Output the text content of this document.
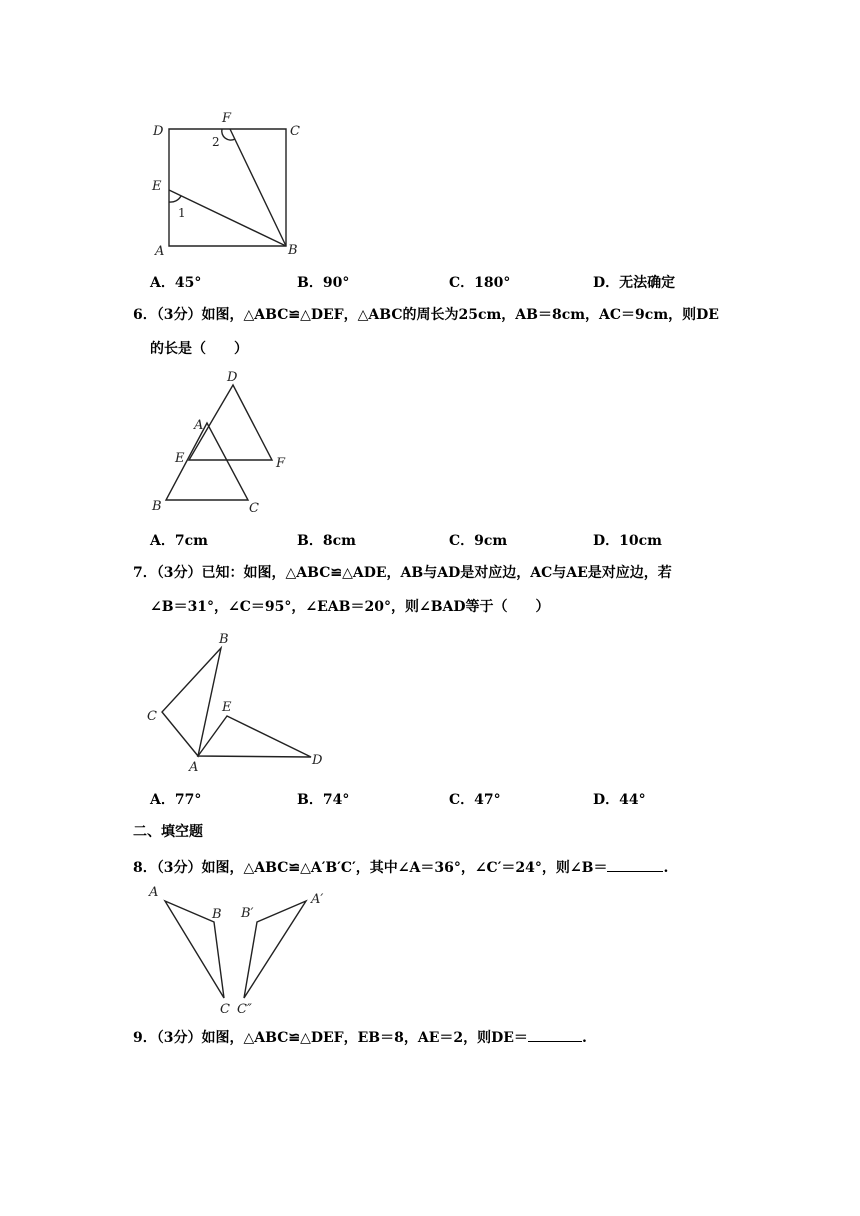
D
F
C
E
A	B
1
2
A．45°	B．90°	C．180°	D．无法确定
6．（3分）如图，△ABC≌△DEF，△ABC的周长为25cm，AB＝8cm，AC＝9cm，则DE
的长是（　　）
D
A
E	F
B	C
A．7cm	B．8cm	C．9cm	D．10cm
7．（3分）已知：如图，△ABC≌△ADE，AB与AD是对应边，AC与AE是对应边，若
∠B＝31°，∠C＝95°，∠EAB＝20°，则∠BAD等于（　　）
B
C
E
A	D
A．77°	B．74°	C．47°	D．44°
二、填空题
8．（3分）如图，△ABC≌△A′B′C′，其中∠A＝36°，∠C′＝24°，则∠B＝	.
A
B
C
A′
B′
C″
9．（3分）如图，△ABC≌△DEF，EB＝8，AE＝2，则DE＝	.
